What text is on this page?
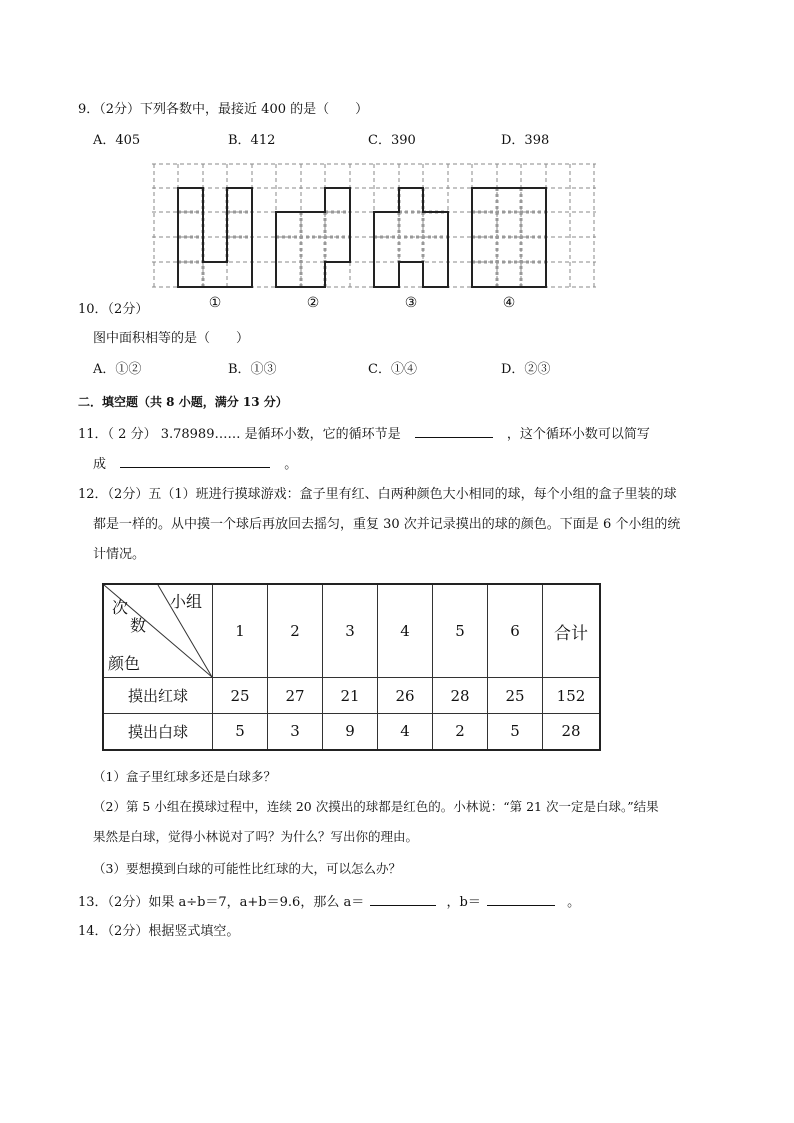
9．（2分）下列各数中，最接近 400 的是（　　）
A．405	B．412	C．390	D．398
①	②	③	④
10．（2分）
图中面积相等的是（　　）
A．①②	B．①③	C．①④	D．②③
二．填空题（共 8 小题，满分 13 分）
11．（ 2 分） 3.78989…… 是循环小数，它的循环节是	，这个循环小数可以简写
成	。
12．（2分）五（1）班进行摸球游戏：盒子里有红、白两种颜色大小相同的球，每个小组的盒子里装的球
都是一样的。从中摸一个球后再放回去摇匀，重复 30 次并记录摸出的球的颜色。下面是 6 个小组的统
计情况。
小组
次
数
颜色	1	2	3	4	5	6	合计
摸出红球	25	27	21	26	28	25	152
摸出白球	5	3	9	4	2	5	28
（1）盒子里红球多还是白球多？
（2）第 5 小组在摸球过程中，连续 20 次摸出的球都是红色的。小林说：“第 21 次一定是白球。”结果
果然是白球，觉得小林说对了吗？为什么？写出你的理由。
（3）要想摸到白球的可能性比红球的大，可以怎么办？
13．（2分）如果 a÷b＝7，a+b＝9.6，那么 a＝	，b＝	。
14．（2分）根据竖式填空。
